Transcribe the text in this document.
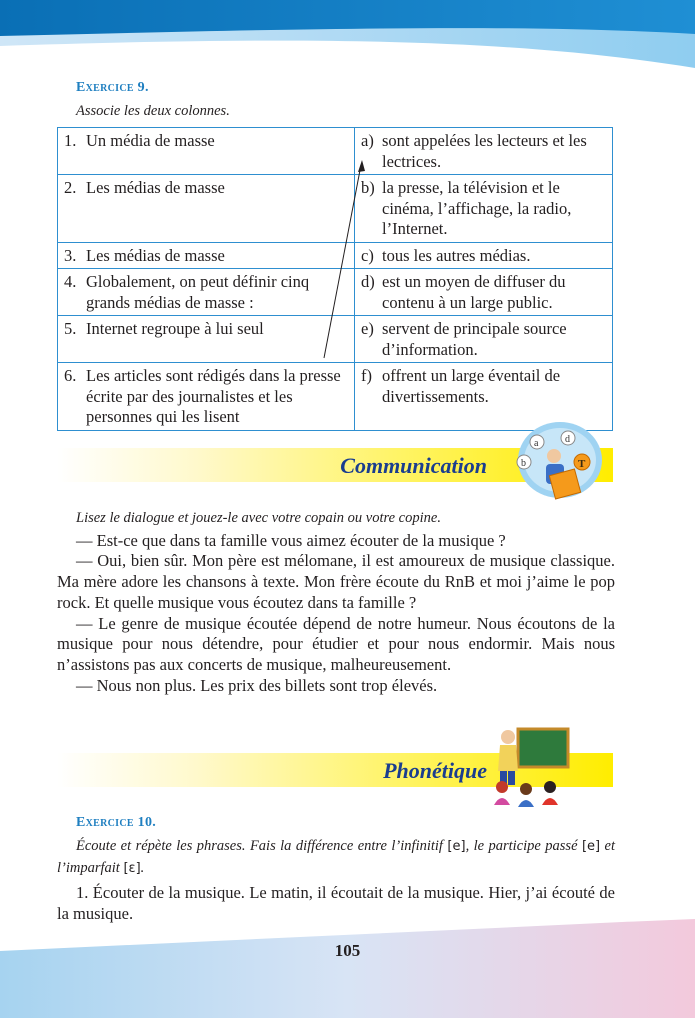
Exercice 9.
Associe les deux colonnes.
1. Un média de masse	a) sont appelées les lecteurs et les lectrices.

2. Les médias de masse	b) la presse, la télévision et le cinéma, l’affichage, la radio, l’Internet.

3. Les médias de masse	c) tous les autres médias.

4. Globalement, on peut définir cinq grands médias de masse :	d) est un moyen de diffuser du contenu à un large public.

5. Internet regroupe à lui seul	e) servent de principale source d’information.

6. Les articles sont rédigés dans la presse écrite par des journalistes et les personnes qui les lisent	f) offrent un large éventail de divertissements.
Communication
a
b
d
T

Lisez le dialogue et jouez-le avec votre copain ou votre copine.

— Est-ce que dans ta famille vous aimez écouter de la musique ?

— Oui, bien sûr. Mon père est mélomane, il est amoureux de musique classique. Ma mère adore les chansons à texte. Mon frère écoute du RnB et moi j’aime le pop rock. Et quelle musique vous écoutez dans ta famille ?

— Le genre de musique écoutée dépend de notre humeur. Nous écoutons de la musique pour nous détendre, pour étudier et pour nous endormir. Mais nous n’assistons pas aux concerts de musique, malheureusement.

— Nous non plus. Les prix des billets sont trop élevés.

Phonétique
Exercice 10.

Écoute et répète les phrases. Fais la différence entre l’infinitif [e], le participe passé [e] et l’imparfait [ɛ].

1. Écouter de la musique. Le matin, il écoutait de la musique. Hier, j’ai écouté de la musique.

105
